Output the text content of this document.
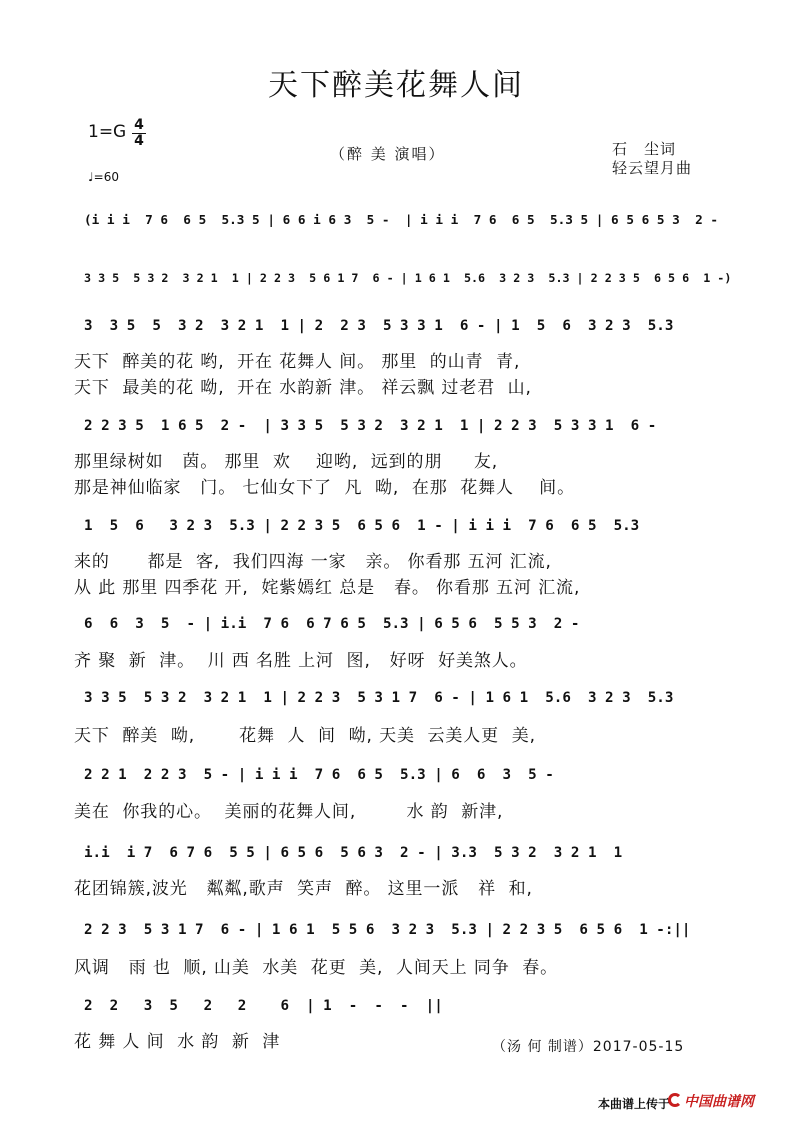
天下醉美花舞人间
1=G 4
4
♩=60
（醉 美 演唱）	石　尘词
轻云望月曲
(i i i  7 6  6 5  5.3 5 | 6 6 i 6 3  5 -  | i i i  7 6  6 5  5.3 5 | 6 5 6 5 3  2 -
3 3 5  5 3 2  3 2 1  1 | 2 2 3  5 6 1 7  6 - | 1 6 1  5.6  3 2 3  5.3 | 2 2 3 5  6 5 6  1 -)
3  3 5  5  3 2  3 2 1  1 | 2  2 3  5 3 3 1  6 - | 1  5  6  3 2 3  5.3
天下  醉美的花 哟,  开在 花舞人 间。 那里  的山青  青,
天下  最美的花 呦,  开在 水韵新 津。 祥云飘 过老君  山,
2 2 3 5  1 6 5  2 -  | 3 3 5  5 3 2  3 2 1  1 | 2 2 3  5 3 3 1  6 -
那里绿树如   茵。 那里  欢    迎哟,  远到的朋     友,
那是神仙临家   门。 七仙女下了  凡  呦,  在那  花舞人    间。
1  5  6   3 2 3  5.3 | 2 2 3 5  6 5 6  1 - | i i i  7 6  6 5  5.3
来的      都是  客,  我们四海 一家   亲。 你看那 五河 汇流,
从 此 那里 四季花 开,  姹紫嫣红 总是   春。 你看那 五河 汇流,
6  6  3  5  - | i.i  7 6  6 7 6 5  5.3 | 6 5 6  5 5 3  2 -
齐 聚  新  津。  川 西 名胜 上河  图,   好呀  好美煞人。
3 3 5  5 3 2  3 2 1  1 | 2 2 3  5 3 1 7  6 - | 1 6 1  5.6  3 2 3  5.3
天下  醉美  呦,       花舞  人  间  呦, 天美  云美人更  美,
2 2 1  2 2 3  5 - | i i i  7 6  6 5  5.3 | 6  6  3  5 -
美在  你我的心。  美丽的花舞人间,        水 韵  新津,
i.i  i 7  6 7 6  5 5 | 6 5 6  5 6 3  2 - | 3.3  5 3 2  3 2 1  1
花团锦簇,波光   粼粼,歌声  笑声  醉。 这里一派   祥  和,
2 2 3  5 3 1 7  6 - | 1 6 1  5 5 6  3 2 3  5.3 | 2 2 3 5  6 5 6  1 -:||
风调   雨 也  顺, 山美  水美  花更  美,  人间天上 同争  春。
2  2   3  5   2   2    6  | 1  -  -  -  ||
花 舞 人 间  水 韵  新  津	（汤 何 制谱）2017-05-15
本曲谱上传于 中国曲谱网
